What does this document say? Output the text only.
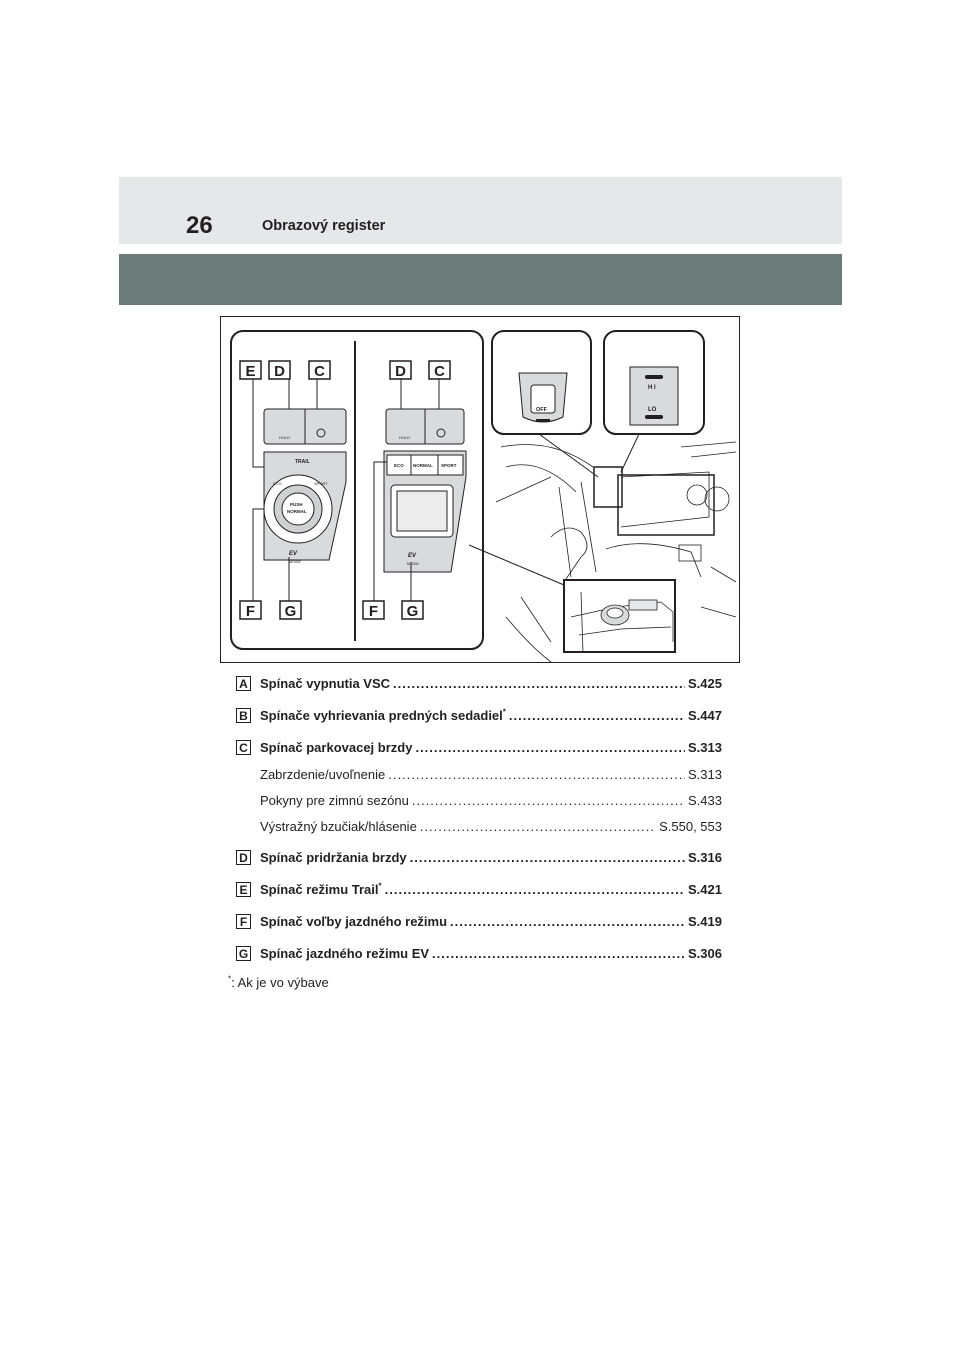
26	Obrazový register
HOLD
TRAIL
PUSH
NORMAL
ECO	SPORT
EV
MODE
HOLD
ECO NORMAL SPORT
EV
MODE
E D C	D C
F G	F G
OFF
H I
LO
A Spínač vypnutia VSC .....	S.425
B Spínače vyhrievania predných sedadiel* .....	S.447
C Spínač parkovacej brzdy .....	S.313
Zabrzdenie/uvoľnenie .....	S.313
Pokyny pre zimnú sezónu .....	S.433
Výstražný bzučiak/hlásenie .....	S.550, 553
D Spínač pridržania brzdy .....	S.316
E Spínač režimu Trail* .....	S.421
F Spínač voľby jazdného režimu .....	S.419
G Spínač jazdného režimu EV .....	S.306
*: Ak je vo výbave
